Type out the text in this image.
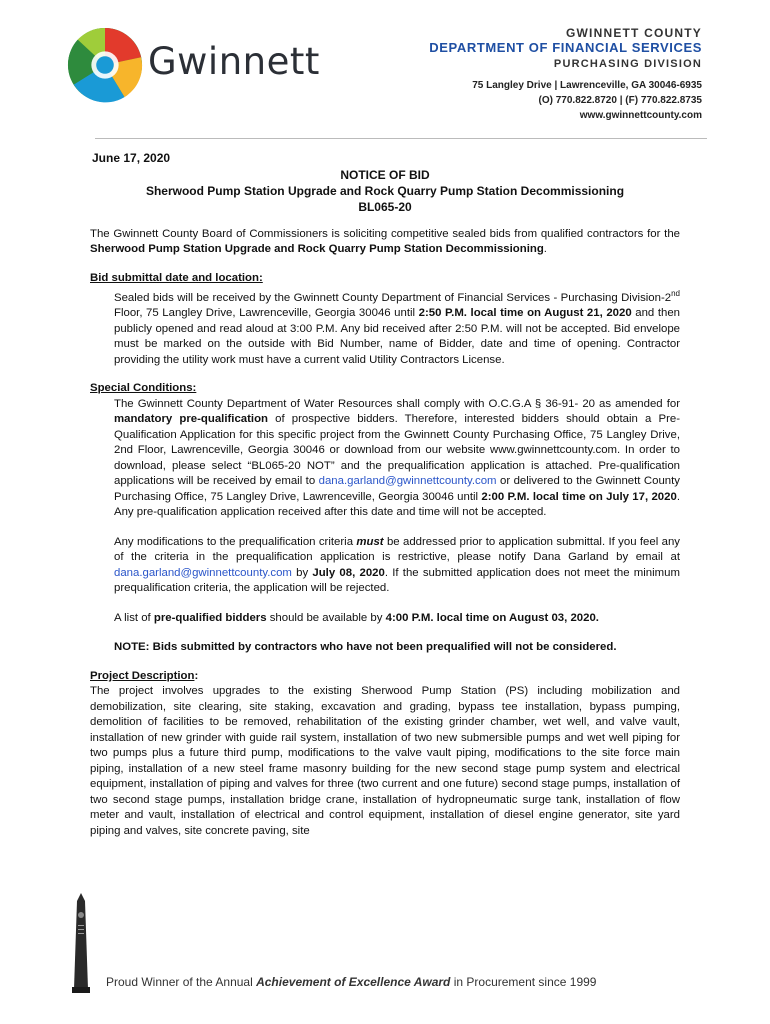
Gwinnett
GWINNETT COUNTY
DEPARTMENT OF FINANCIAL SERVICES
PURCHASING DIVISION
75 Langley Drive | Lawrenceville, GA 30046-6935
(O) 770.822.8720 | (F) 770.822.8735
www.gwinnettcounty.com
June 17, 2020
NOTICE OF BID
Sherwood Pump Station Upgrade and Rock Quarry Pump Station Decommissioning
BL065-20

The Gwinnett County Board of Commissioners is soliciting competitive sealed bids from qualified contractors for the Sherwood Pump Station Upgrade and Rock Quarry Pump Station Decommissioning.

Bid submittal date and location:

Sealed bids will be received by the Gwinnett County Department of Financial Services - Purchasing Division-2nd Floor, 75 Langley Drive, Lawrenceville, Georgia 30046 until 2:50 P.M. local time on August 21, 2020 and then publicly opened and read aloud at 3:00 P.M. Any bid received after 2:50 P.M. will not be accepted. Bid envelope must be marked on the outside with Bid Number, name of Bidder, date and time of opening. Contractor providing the utility work must have a current valid Utility Contractors License.

Special Conditions:

The Gwinnett County Department of Water Resources shall comply with O.C.G.A § 36-91- 20 as amended for mandatory pre-qualification of prospective bidders. Therefore, interested bidders should obtain a Pre-Qualification Application for this specific project from the Gwinnett County Purchasing Office, 75 Langley Drive, 2nd Floor, Lawrenceville, Georgia 30046 or download from our website www.gwinnettcounty.com. In order to download, please select “BL065-20 NOT” and the prequalification application is attached. Pre-qualification applications will be received by email to dana.garland@gwinnettcounty.com or delivered to the Gwinnett County Purchasing Office, 75 Langley Drive, Lawrenceville, Georgia 30046 until 2:00 P.M. local time on July 17, 2020. Any pre-qualification application received after this date and time will not be accepted.

Any modifications to the prequalification criteria must be addressed prior to application submittal. If you feel any of the criteria in the prequalification application is restrictive, please notify Dana Garland by email at dana.garland@gwinnettcounty.com by July 08, 2020. If the submitted application does not meet the minimum prequalification criteria, the application will be rejected.

A list of pre-qualified bidders should be available by 4:00 P.M. local time on August 03, 2020.

NOTE: Bids submitted by contractors who have not been prequalified will not be considered.

Project Description:

The project involves upgrades to the existing Sherwood Pump Station (PS) including mobilization and demobilization, site clearing, site staking, excavation and grading, bypass tee installation, bypass pumping, demolition of facilities to be removed, rehabilitation of the existing grinder chamber, wet well, and valve vault, installation of new grinder with guide rail system, installation of two new submersible pumps and wet well piping for two pumps plus a future third pump, modifications to the valve vault piping, modifications to the site force main piping, installation of a new steel frame masonry building for the new second stage pump system and electrical equipment, installation of piping and valves for three (two current and one future) second stage pumps, installation of two second stage pumps, installation bridge crane, installation of hydropneumatic surge tank, installation of flow meter and vault, installation of electrical and control equipment, installation of diesel engine generator, site yard piping and valves, site concrete paving, site

Proud Winner of the Annual Achievement of Excellence Award in Procurement since 1999
